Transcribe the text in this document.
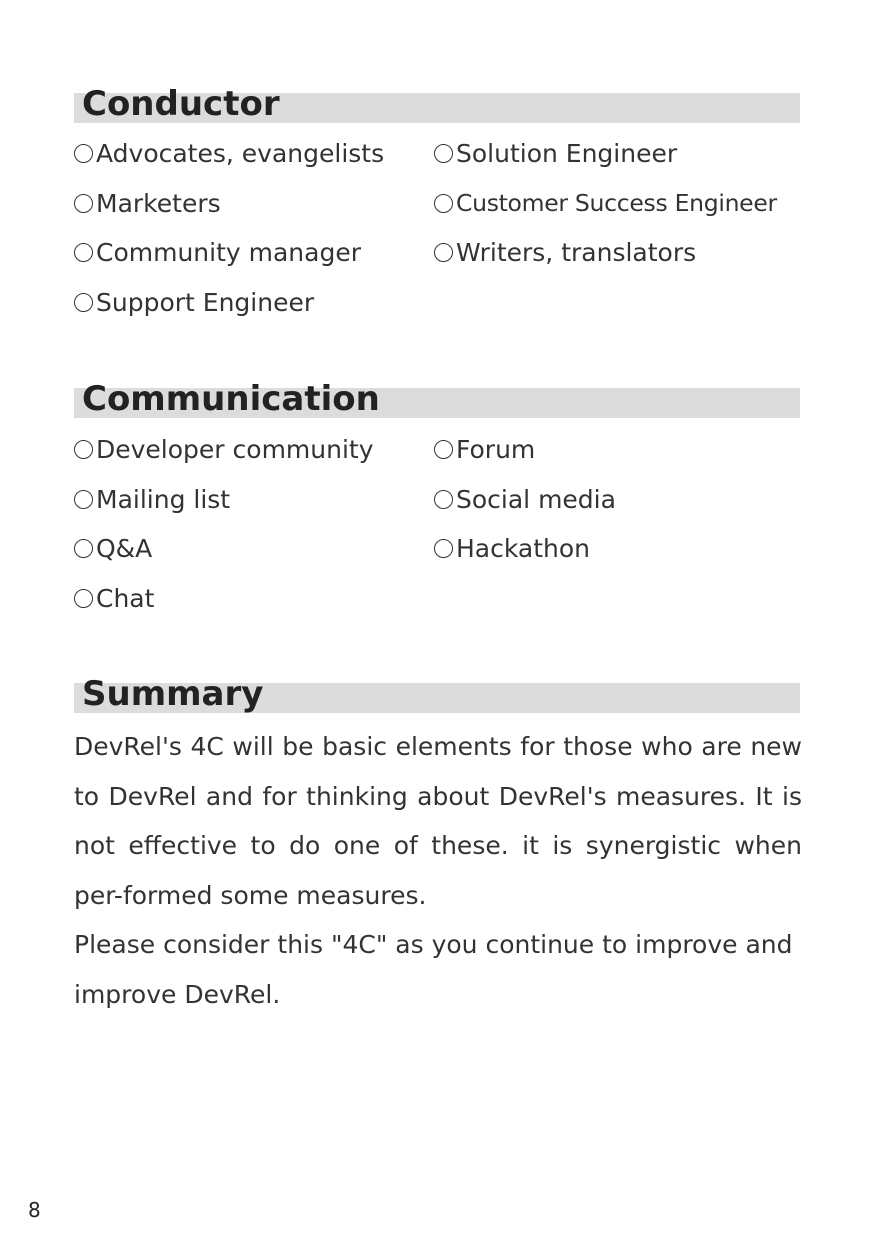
Conductor
Advocates, evangelists	Solution Engineer
Marketers	Customer Success Engineer
Community manager	Writers, translators
Support Engineer
Communication
Developer community	Forum
Mailing list	Social media
Q&A	Hackathon
Chat
Summary

DevRel's 4C will be basic elements for those who are new to DevRel and for thinking about DevRel's measures. It is not effective to do one of these. it is synergistic when per-formed some measures.

Please consider this "4C" as you continue to improve and improve DevRel.

8
